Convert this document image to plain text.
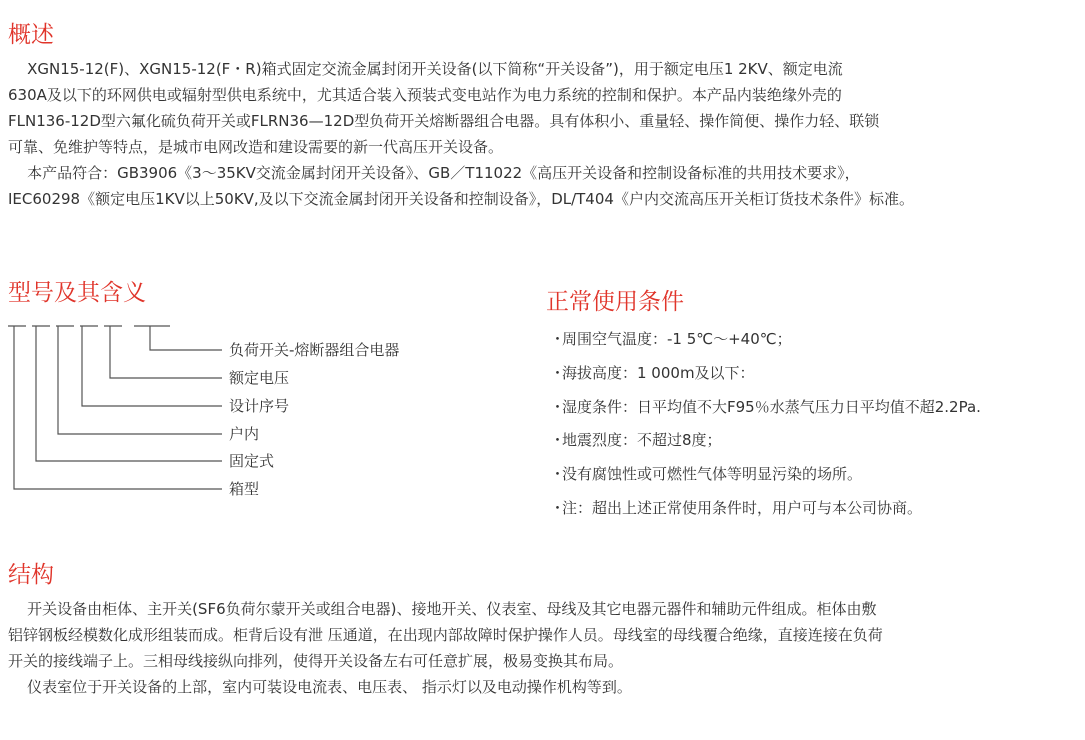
概述
XGN15-12(F)、XGN15-12(F・R)箱式固定交流金属封闭开关设备(以下简称“开关设备”)，用于额定电压1 2KV、额定电流
630A及以下的环网供电或辐射型供电系统中，尤其适合装入预装式变电站作为电力系统的控制和保护。本产品内装绝缘外壳的
FLN136-12D型六氟化硫负荷开关或FLRN36—12D型负荷开关熔断器组合电器。具有体积小、重量轻、操作简便、操作力轻、联锁
可靠、免维护等特点，是城市电网改造和建设需要的新一代高压开关设备。
本产品符合：GB3906《3～35KV交流金属封闭开关设备》、GB／T11022《高压开关设备和控制设备标准的共用技术要求》，
IEC60298《额定电压1KV以上50KV,及以下交流金属封闭开关设备和控制设备》，DL/T404《户内交流高压开关柜订货技术条件》标准。
型号及其含义
负荷开关-熔断器组合电器
额定电压
设计序号
户内
固定式
箱型
正常使用条件
・周围空气温度：-1 5℃～+40℃；
・海拔高度：1 000m及以下：
・湿度条件：日平均值不大F95％水蒸气压力日平均值不超2.2Pa.
・地震烈度：不超过8度；
・没有腐蚀性或可燃性气体等明显污染的场所。
・注：超出上述正常使用条件时，用户可与本公司协商。
结构
开关设备由柜体、主开关(SF6负荷尔蒙开关或组合电器)、接地开关、仪表室、母线及其它电器元器件和辅助元件组成。柜体由敷
铝锌钢板经模数化成形组装而成。柜背后设有泄 压通道，在出现内部故障时保护操作人员。母线室的母线覆合绝缘，直接连接在负荷
开关的接线端子上。三相母线接纵向排列，使得开关设备左右可任意扩展，极易变换其布局。
仪表室位于开关设备的上部，室内可装设电流表、电压表、 指示灯以及电动操作机构等到。
